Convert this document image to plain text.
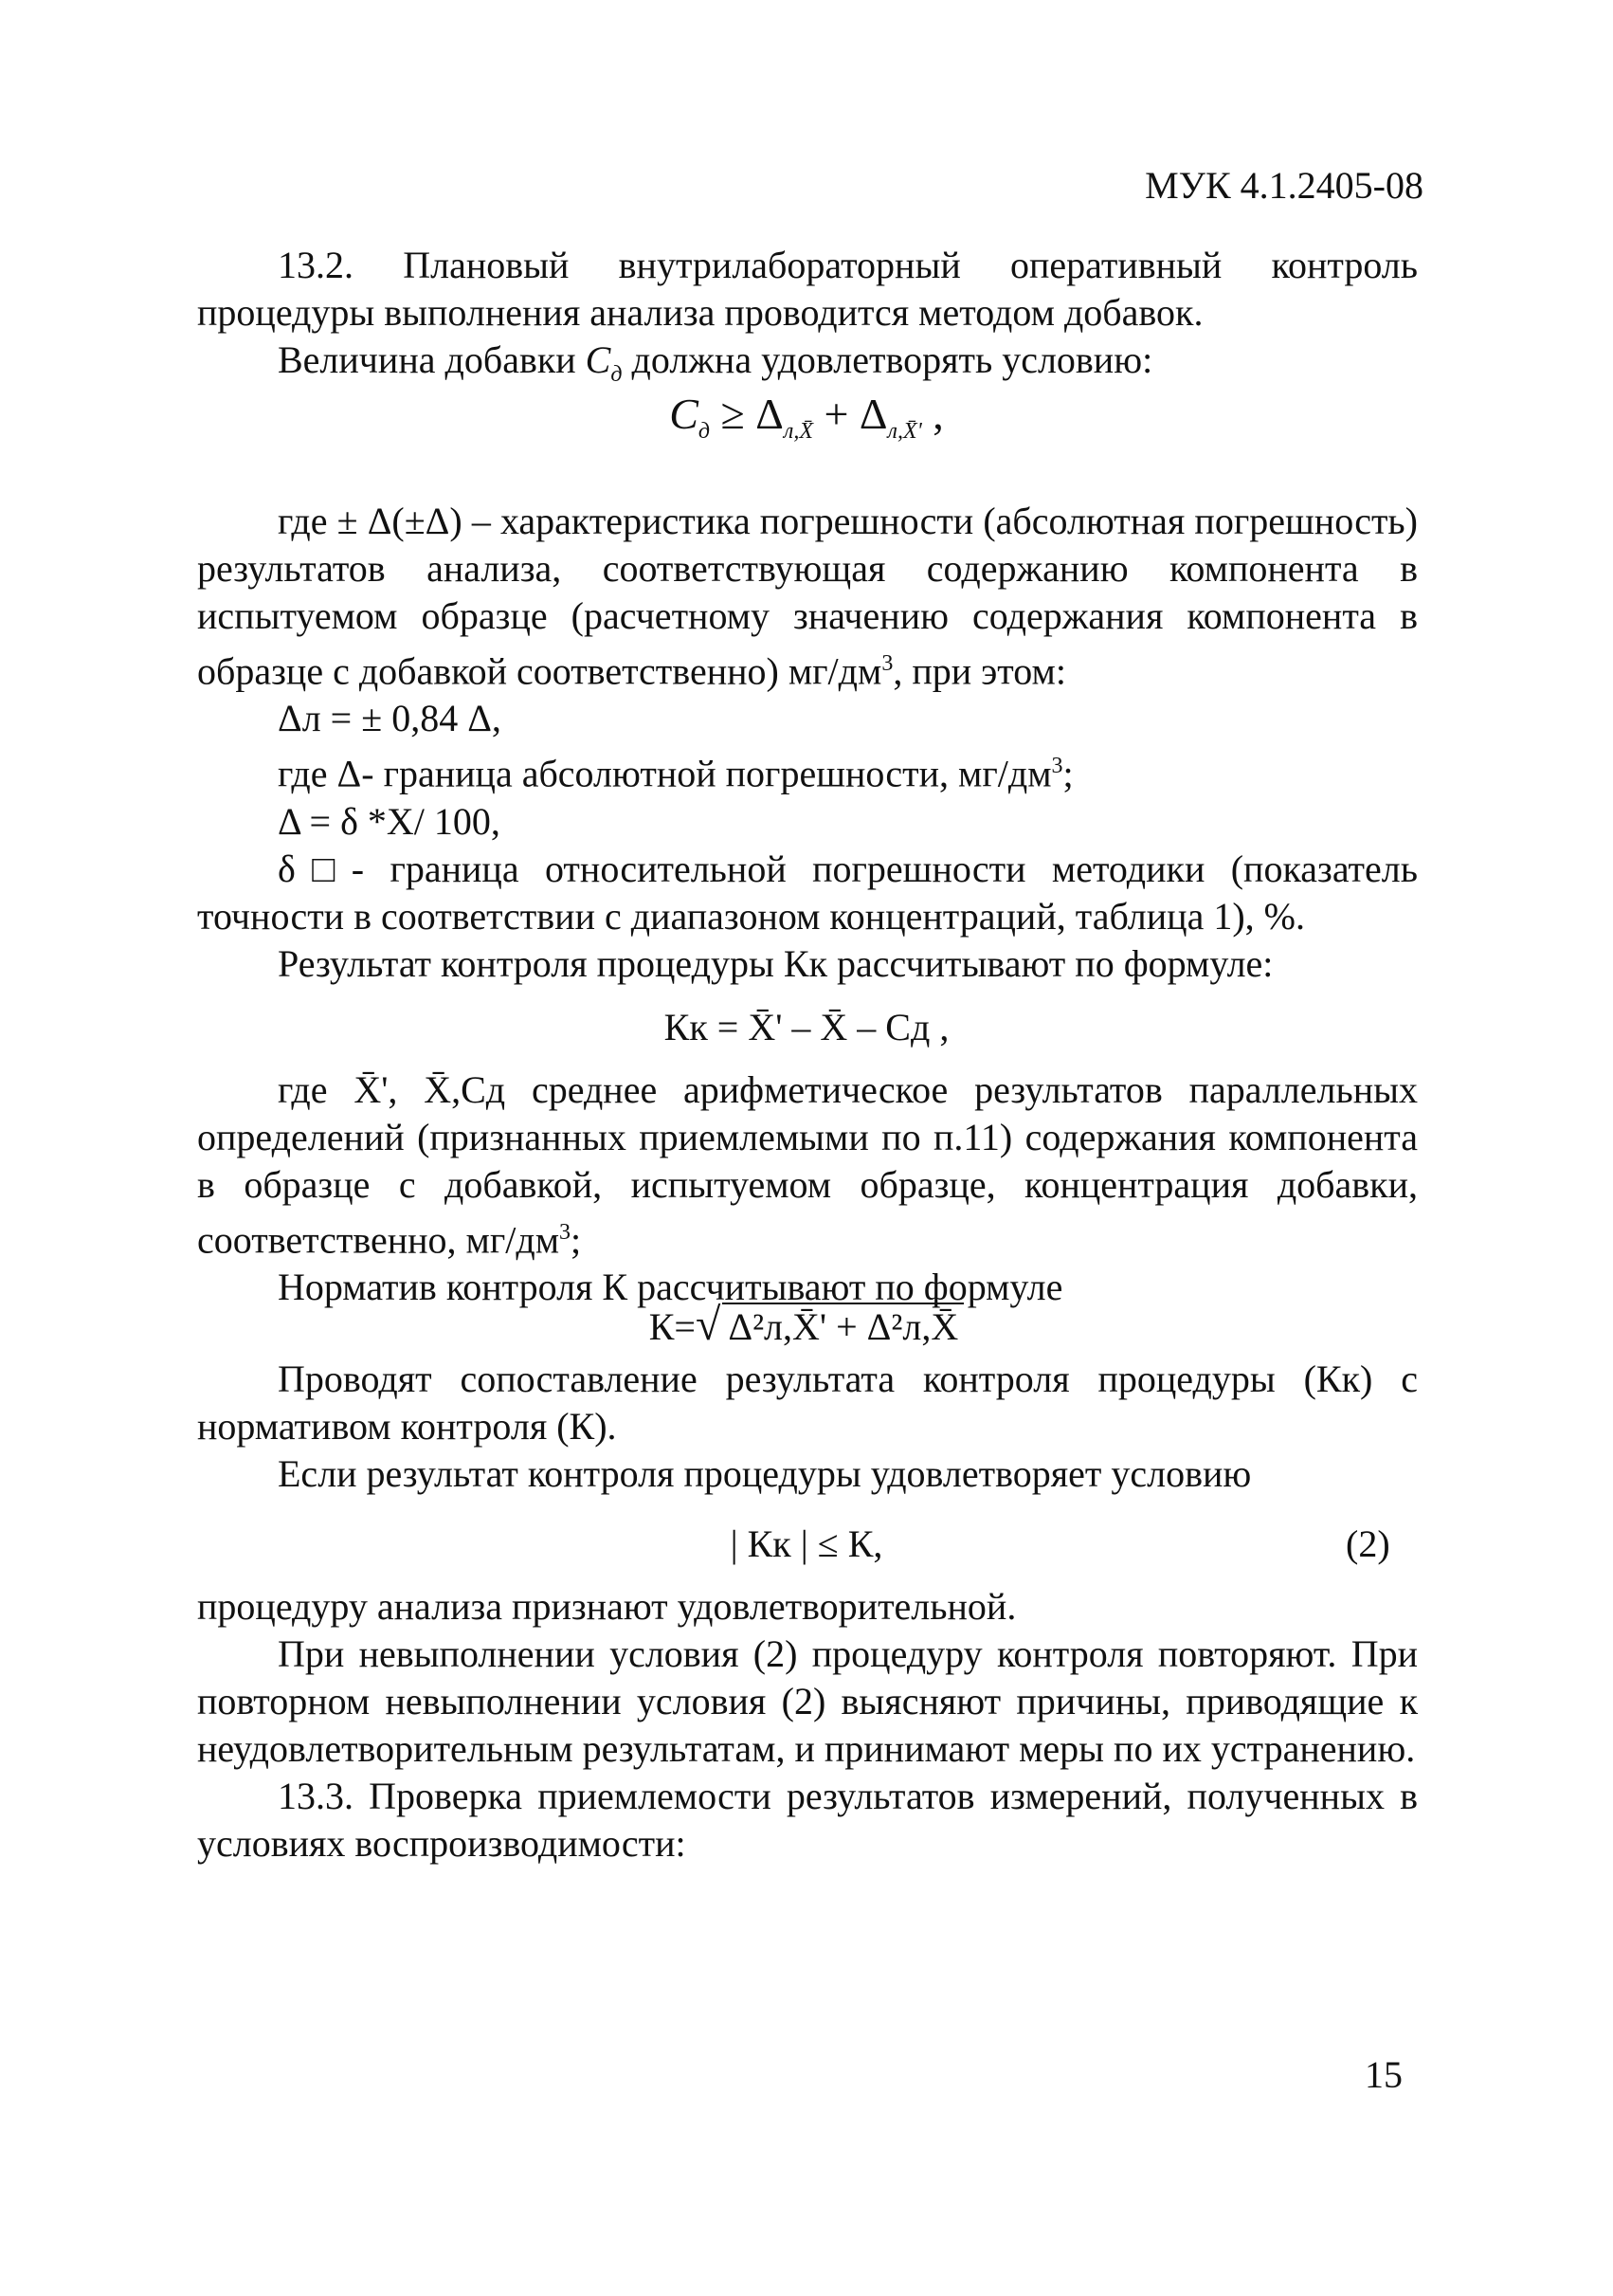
МУК 4.1.2405-08

13.2. Плановый внутрилабораторный оперативный контроль процедуры выполнения анализа проводится методом добавок.

Величина добавки $C_д$ должна удовлетворять условию:

$C_д \ge \Delta_{л,X̄} + \Delta_{л,X̄'}$ ,

где ± Δ(±Δ) – характеристика погрешности (абсолютная погрешность) результатов анализа, соответствующая содержанию компонента в испытуемом образце (расчетному значению содержания компонента в образце с добавкой соответственно) $мг/дм^3$, при этом:

Δл = ± 0,84 Δ,

где Δ- граница абсолютной погрешности, $мг/дм^3$;

Δ = δ *X/ 100,

δ□- граница относительной погрешности методики (показатель точности в соответствии с диапазоном концентраций, таблица 1), %.

Результат контроля процедуры Кк рассчитывают по формуле:

Кк = X̄' – X̄ – Сд ,

где X̄', X̄,Сд среднее арифметическое результатов параллельных определений (признанных приемлемыми по п.11) содержания компонента в образце с добавкой, испытуемом образце, концентрация добавки, соответственно, $мг/дм^3$;

Норматив контроля К рассчитывают по формуле

К=√ Δ²л,X̄' + Δ²л,X̄

Проводят сопоставление результата контроля процедуры (Кк) с нормативом контроля (К).

Если результат контроля процедуры удовлетворяет условию

| Кк | ≤ К,	(2)

процедуру анализа признают удовлетворительной.

При невыполнении условия (2) процедуру контроля повторяют. При повторном невыполнении условия (2) выясняют причины, приводящие к неудовлетворительным результатам, и принимают меры по их устранению.

13.3. Проверка приемлемости результатов измерений, полученных в условиях воспроизводимости:

15
